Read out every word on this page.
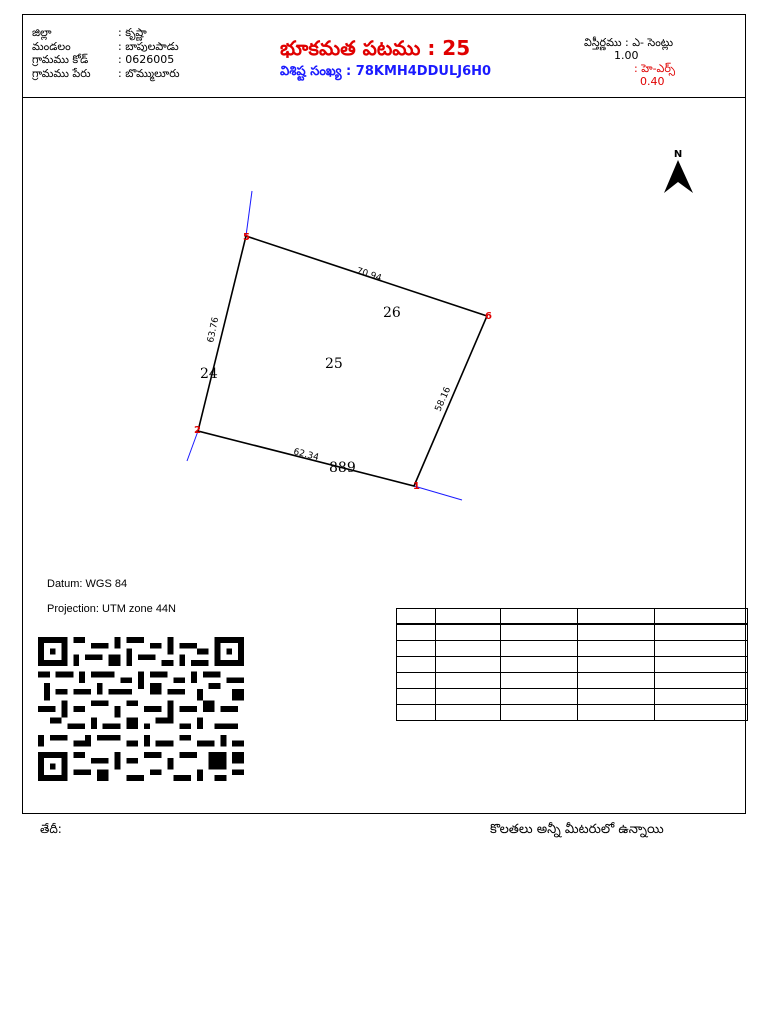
జిల్లా	: కృష్ణా
మండలం	: బాపులపాడు
గ్రామము కోడ్	: 0626005
గ్రామము పేరు	: బొమ్ములూరు
భూకమత పటము : 25
విశిష్ట సంఖ్య : 78KMH4DDULJ6H0
విస్తీర్ణము : ఎ- సెంట్లు
1.00
: హె-ఎర్స్
0.40
N
5
6
2
1
70.94
58.16
62.34
63.76
25
26
24
889
Datum: WGS 84
Projection: UTM zone 44N

తేదీ:	కొలతలు అన్నీ మీటరులో ఉన్నాయి
